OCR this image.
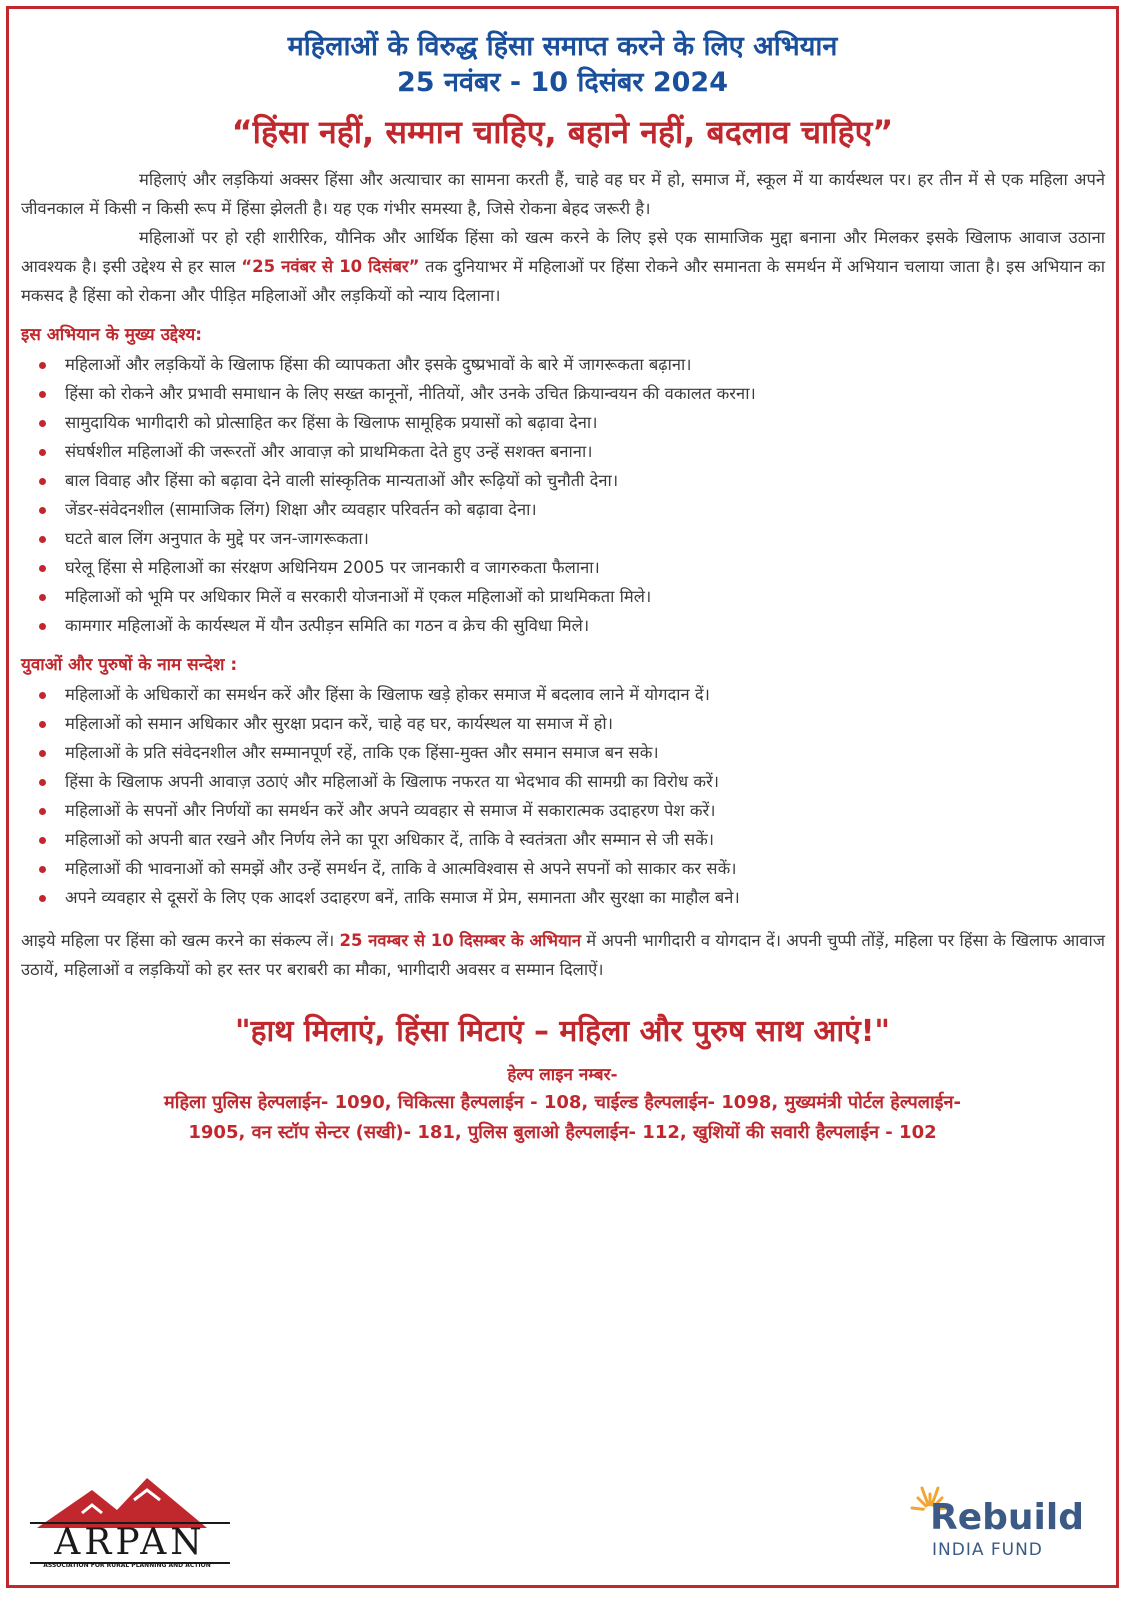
महिलाओं के विरुद्ध हिंसा समाप्त करने के लिए अभियान
25 नवंबर - 10 दिसंबर 2024
“हिंसा नहीं, सम्मान चाहिए, बहाने नहीं, बदलाव चाहिए”

महिलाएं और लड़कियां अक्सर हिंसा और अत्याचार का सामना करती हैं, चाहे वह घर में हो, समाज में, स्कूल में या कार्यस्थल पर। हर तीन में से एक महिला अपने जीवनकाल में किसी न किसी रूप में हिंसा झेलती है। यह एक गंभीर समस्या है, जिसे रोकना बेहद जरूरी है।

महिलाओं पर हो रही शारीरिक, यौनिक और आर्थिक हिंसा को खत्म करने के लिए इसे एक सामाजिक मुद्दा बनाना और मिलकर इसके खिलाफ आवाज उठाना आवश्यक है। इसी उद्देश्य से हर साल “25 नवंबर से 10 दिसंबर” तक दुनियाभर में महिलाओं पर हिंसा रोकने और समानता के समर्थन में अभियान चलाया जाता है। इस अभियान का मकसद है हिंसा को रोकना और पीड़ित महिलाओं और लड़कियों को न्याय दिलाना।

इस अभियान के मुख्य उद्देश्य:
महिलाओं और लड़कियों के खिलाफ हिंसा की व्यापकता और इसके दुष्प्रभावों के बारे में जागरूकता बढ़ाना।
हिंसा को रोकने और प्रभावी समाधान के लिए सख्त कानूनों, नीतियों, और उनके उचित क्रियान्वयन की वकालत करना।
सामुदायिक भागीदारी को प्रोत्साहित कर हिंसा के खिलाफ सामूहिक प्रयासों को बढ़ावा देना।
संघर्षशील महिलाओं की जरूरतों और आवाज़ को प्राथमिकता देते हुए उन्हें सशक्त बनाना।
बाल विवाह और हिंसा को बढ़ावा देने वाली सांस्कृतिक मान्यताओं और रूढ़ियों को चुनौती देना।
जेंडर-संवेदनशील (सामाजिक लिंग) शिक्षा और व्यवहार परिवर्तन को बढ़ावा देना।
घटते बाल लिंग अनुपात के मुद्दे पर जन-जागरूकता।
घरेलू हिंसा से महिलाओं का संरक्षण अधिनियम 2005 पर जानकारी व जागरुकता फैलाना।
महिलाओं को भूमि पर अधिकार मिलें व सरकारी योजनाओं में एकल महिलाओं को प्राथमिकता मिले।
कामगार महिलाओं के कार्यस्थल में यौन उत्पीड़न समिति का गठन व क्रेच की सुविधा मिले।
युवाओं और पुरुषों के नाम सन्देश :
महिलाओं के अधिकारों का समर्थन करें और हिंसा के खिलाफ खड़े होकर समाज में बदलाव लाने में योगदान दें।
महिलाओं को समान अधिकार और सुरक्षा प्रदान करें, चाहे वह घर, कार्यस्थल या समाज में हो।
महिलाओं के प्रति संवेदनशील और सम्मानपूर्ण रहें, ताकि एक हिंसा-मुक्त और समान समाज बन सके।
हिंसा के खिलाफ अपनी आवाज़ उठाएं और महिलाओं के खिलाफ नफरत या भेदभाव की सामग्री का विरोध करें।
महिलाओं के सपनों और निर्णयों का समर्थन करें और अपने व्यवहार से समाज में सकारात्मक उदाहरण पेश करें।
महिलाओं को अपनी बात रखने और निर्णय लेने का पूरा अधिकार दें, ताकि वे स्वतंत्रता और सम्मान से जी सकें।
महिलाओं की भावनाओं को समझें और उन्हें समर्थन दें, ताकि वे आत्मविश्वास से अपने सपनों को साकार कर सकें।
अपने व्यवहार से दूसरों के लिए एक आदर्श उदाहरण बनें, ताकि समाज में प्रेम, समानता और सुरक्षा का माहौल बने।

आइये महिला पर हिंसा को खत्म करने का संकल्प लें। 25 नवम्बर से 10 दिसम्बर के अभियान में अपनी भागीदारी व योगदान दें। अपनी चुप्पी तोंड़ें, महिला पर हिंसा के खिलाफ आवाज उठायें, महिलाओं व लड़कियों को हर स्तर पर बराबरी का मौका, भागीदारी अवसर व सम्मान दिलाऐं।

"हाथ मिलाएं, हिंसा मिटाएं – महिला और पुरुष साथ आएं!"
हेल्प लाइन नम्बर-
महिला पुलिस हेल्पलाईन- 1090, चिकित्सा हैल्पलाईन - 108, चाईल्ड हैल्पलाईन- 1098, मुख्यमंत्री पोर्टल हेल्पलाईन-
1905, वन स्टॉप सेन्टर (सखी)- 181, पुलिस बुलाओ हैल्पलाईन- 112, खुशियों की सवारी हैल्पलाईन - 102
ARPAN
ASSOCIATION FOR RURAL PLANNING AND ACTION
Rebuild
INDIA FUND
